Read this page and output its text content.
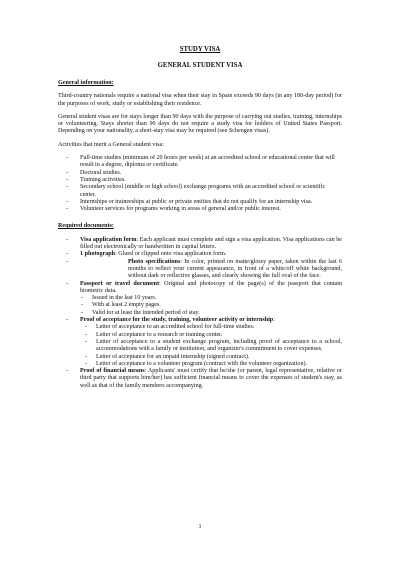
STUDY VISA
GENERAL STUDENT VISA
General information:

Third-country nationals require a national visa when their stay in Spain exceeds 90 days (in any 180-day period) for the purposes of work, study or establishing their residence.

General student visas are for stays longer than 90 days with the purpose of carrying out studies, training, internships or volunteering. Stays shorter than 90 days do not require a study visa for holders of United States Passport. Depending on your nationality, a short-stay visa may be required (see Schengen visas).

Activities that merit a General student visa:

- Full-time studies (minimum of 20 hours per week) at an accredited school or educational center that will result in a degree, diploma or certificate.
- Doctoral studies.
- Training activities.
- Secondary school (middle or high school) exchange programs with an accredited school or scientific center.
- Internships or traineeships at public or private entities that do not qualify for an internship visa.
- Volunteer services for programs working in areas of general and/or public interest.
Required documents:
- Visa application form: Each applicant must complete and sign a visa application. Visa applications can be filled out electronically or handwritten in capital letters.
- 1 photograph: Glued or clipped onto visa application form.
- Photo specifications: In color, printed on matte/glossy paper, taken within the last 6 months to reflect your current appearance, in front of a white/off white background, without dark or reflective glasses, and clearly showing the full oval of the face.
- Passport or travel document: Original and photocopy of the page(s) of the passport that contain biometric data.
- Issued in the last 10 years.
- With at least 2 empty pages.
- Valid for at least the intended period of stay.
- Proof of acceptance for the study, training, volunteer activity or internship:
- Letter of acceptance to an accredited school for full-time studies.
- Letter of acceptance to a research or training center.
- Letter of acceptance to a student exchange program, including proof of acceptance to a school, accommodations with a family or institution, and organizer's commitment to cover expenses.
- Letter of acceptance for an unpaid internship (signed contract).
- Letter of acceptance to a volunteer program (contract with the volunteer organization).
- Proof of financial means: Applicants' must certify that he/she (or parent, legal representative, relative or third party that supports him/her) has sufficient financial means to cover the expenses of student's stay, as well as that of the family members accompanying.
1
